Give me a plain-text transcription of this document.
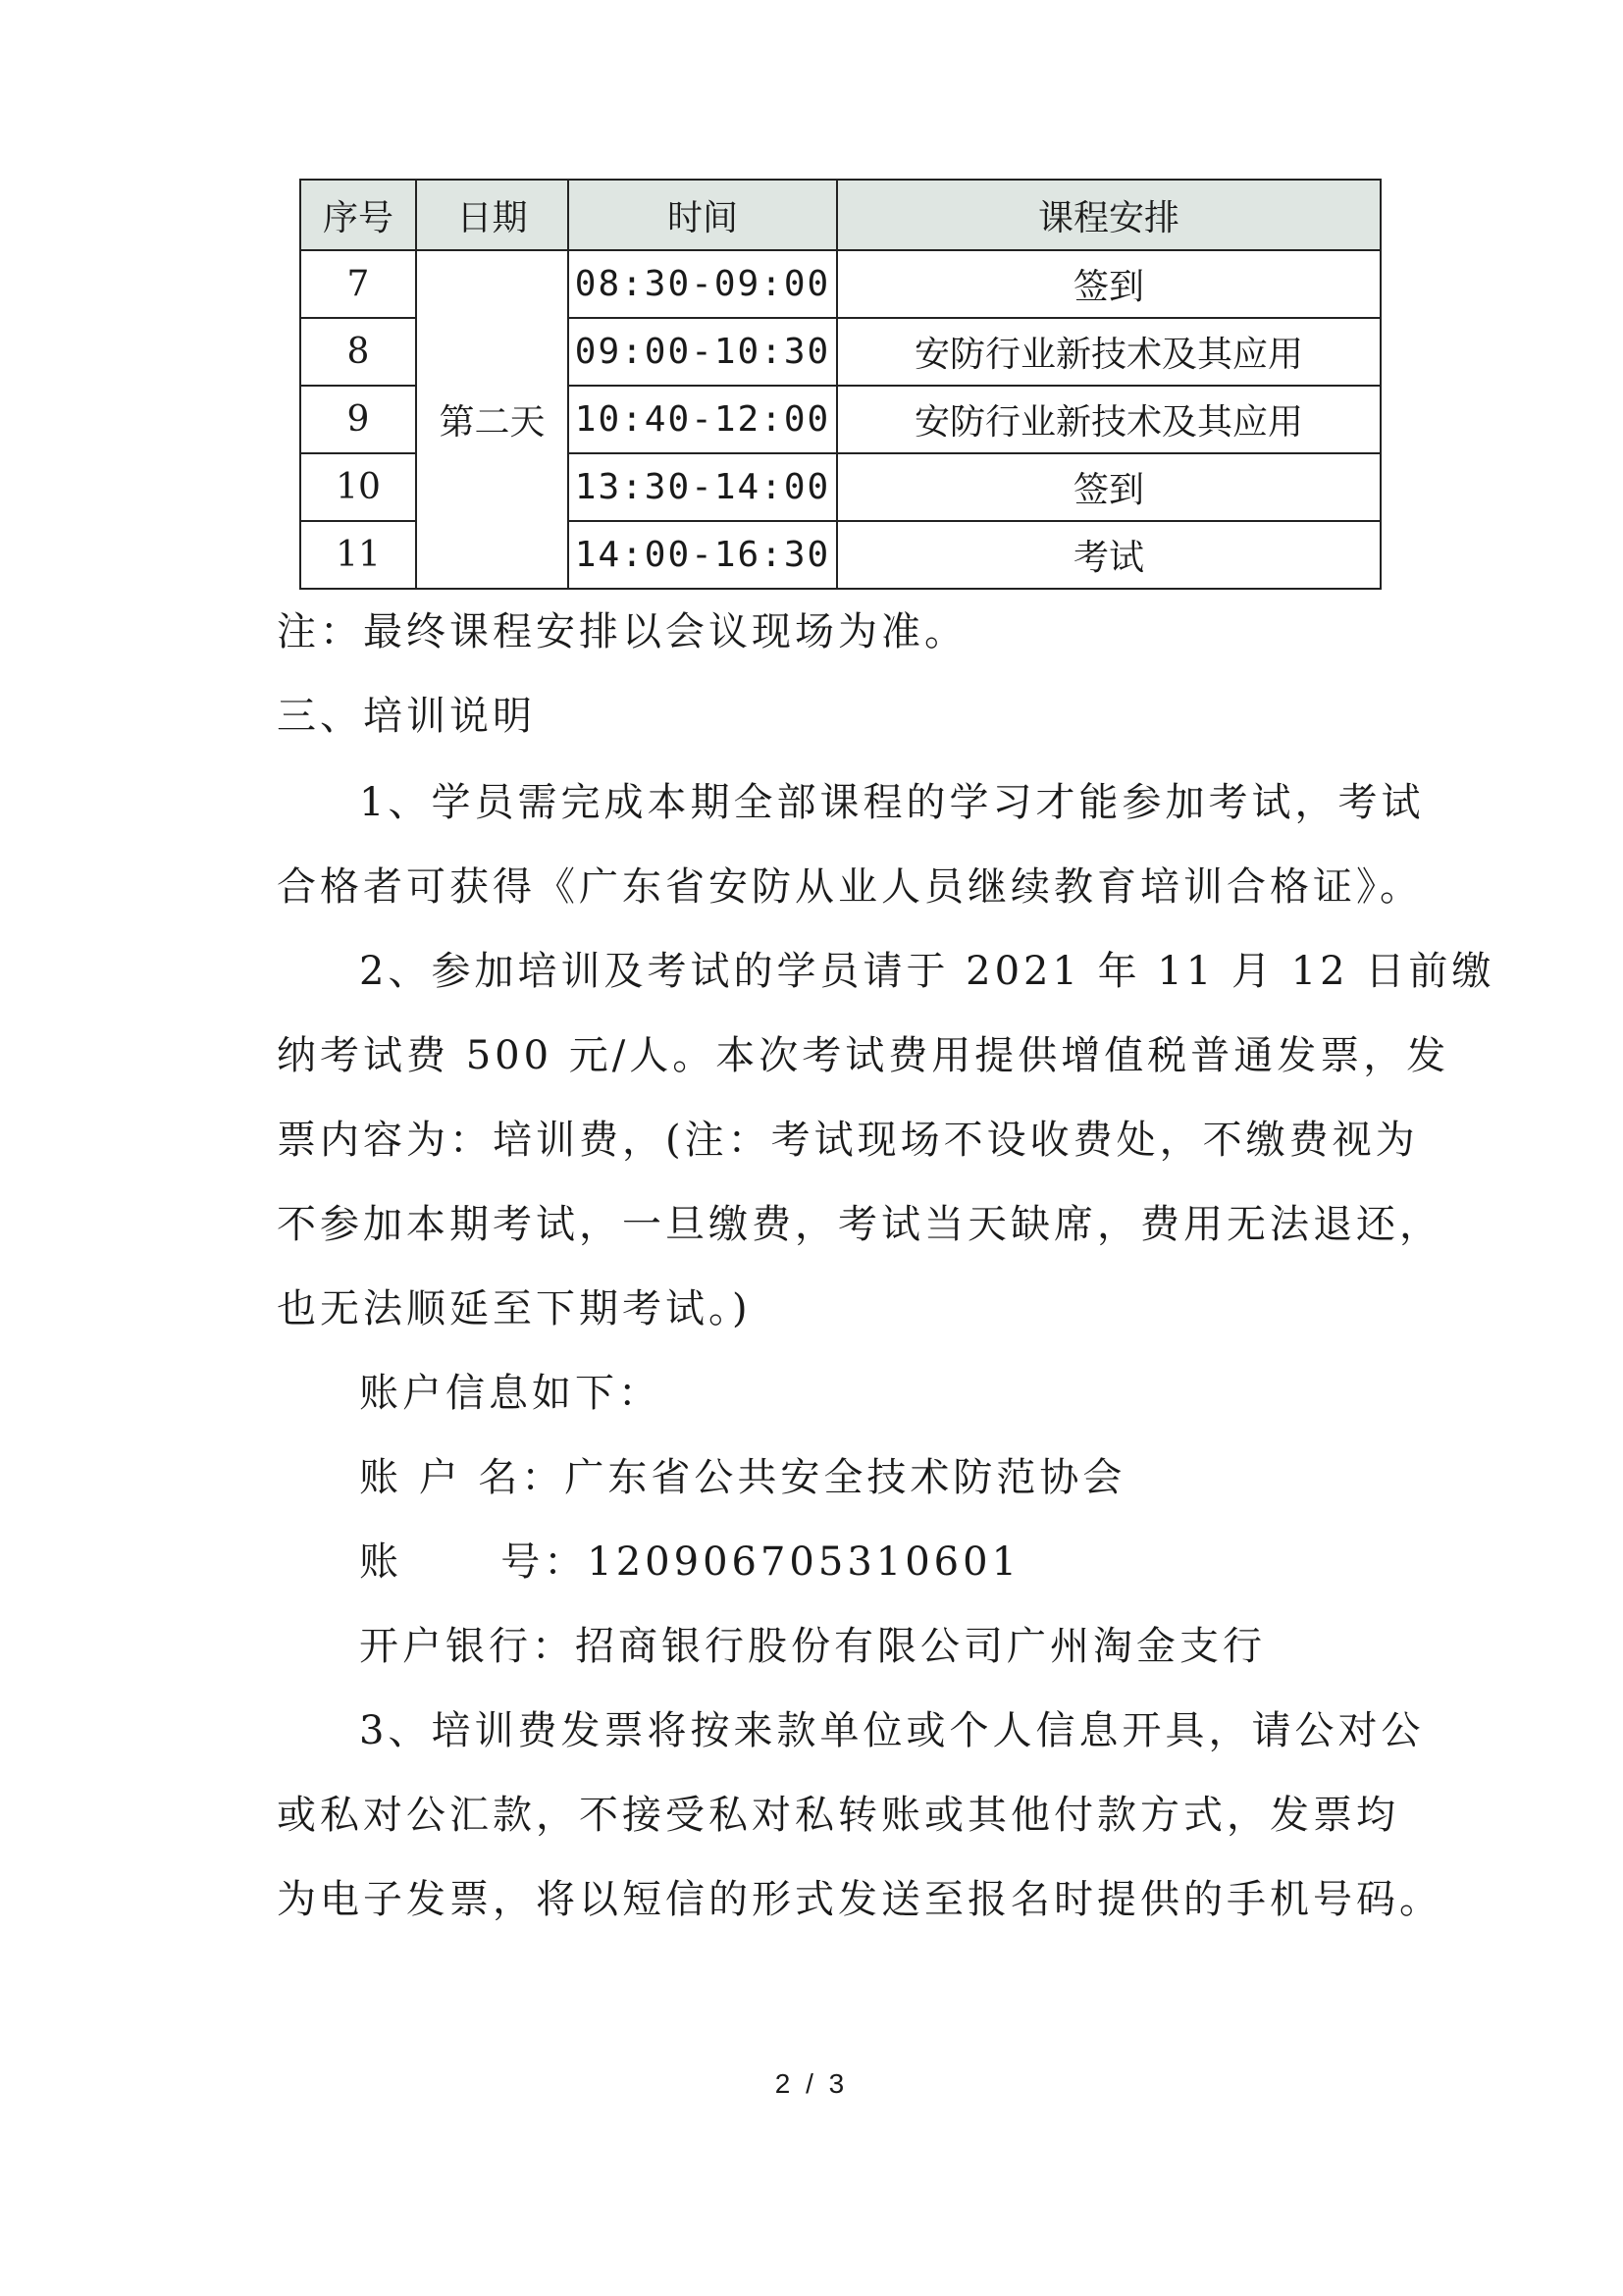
序号	日期	时间	课程安排
7	第二天	08:30-09:00	签到
8		09:00-10:30	安防行业新技术及其应用
9		10:40-12:00	安防行业新技术及其应用
10		13:30-14:00	签到
11		14:00-16:30	考试
注：最终课程安排以会议现场为准。
三、培训说明
1、学员需完成本期全部课程的学习才能参加考试，考试
合格者可获得《广东省安防从业人员继续教育培训合格证》。
2、参加培训及考试的学员请于 2021 年 11 月 12 日前缴
纳考试费 500 元/人。本次考试费用提供增值税普通发票，发
票内容为：培训费，(注：考试现场不设收费处，不缴费视为
不参加本期考试，一旦缴费，考试当天缺席，费用无法退还，
也无法顺延至下期考试。)
账户信息如下：
账 户 名：广东省公共安全技术防范协会
账      号：120906705310601
开户银行：招商银行股份有限公司广州淘金支行
3、培训费发票将按来款单位或个人信息开具，请公对公
或私对公汇款，不接受私对私转账或其他付款方式，发票均
为电子发票，将以短信的形式发送至报名时提供的手机号码。
2 / 3
